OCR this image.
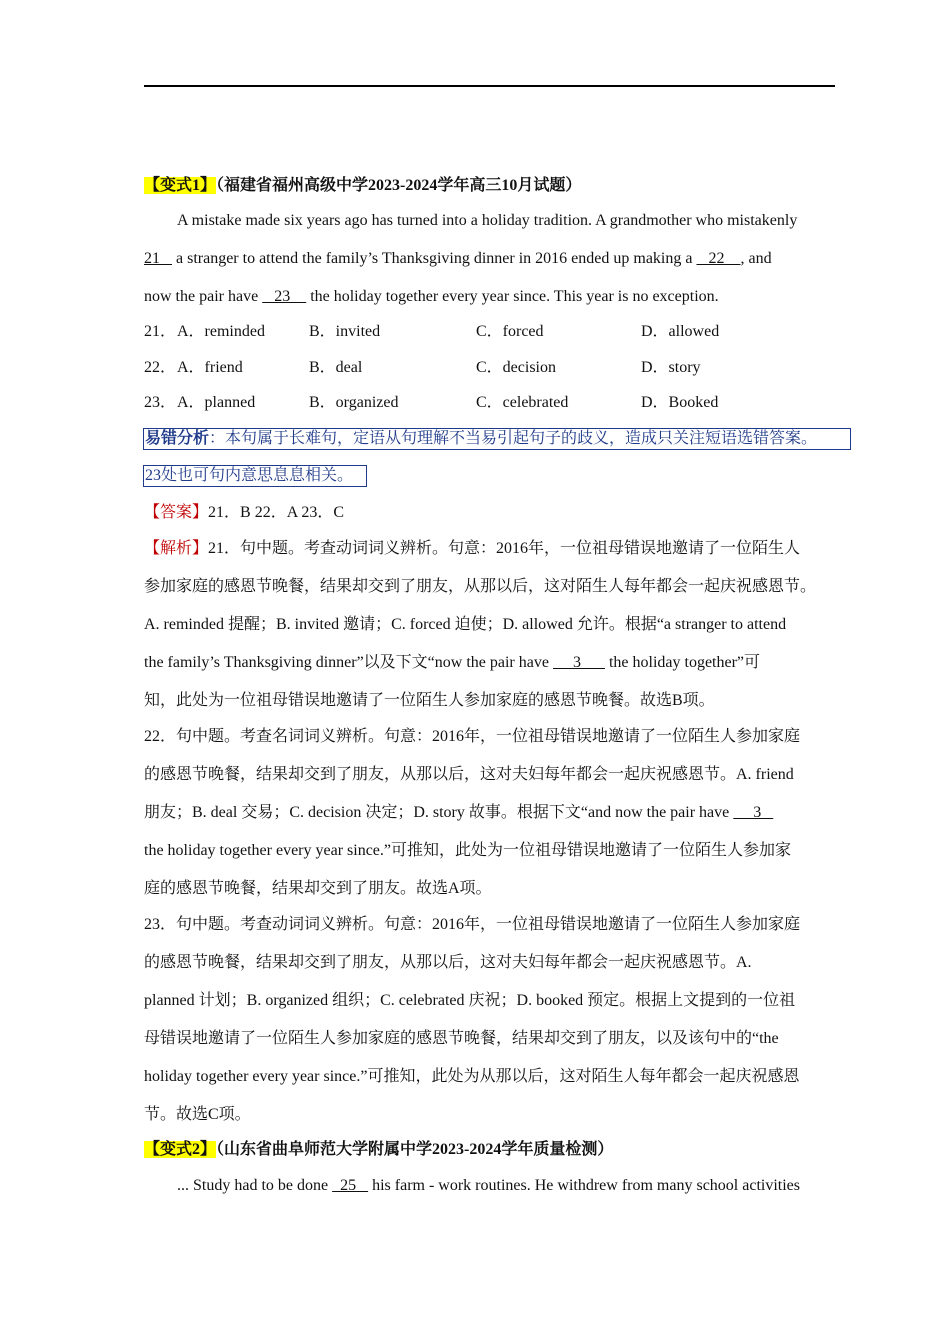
【变式1】（福建省福州高级中学2023-2024学年高三10月试题）
A mistake made six years ago has turned into a holiday tradition. A grandmother who mistakenly
21    a stranger to attend the family’s Thanksgiving dinner in 2016 ended up making a    22    , and
now the pair have    23     the holiday together every year since. This year is no exception.
21． A．reminded	B．invited	C．forced	D．allowed
22． A．friend	B．deal	C．decision	D．story
23． A．planned	B．organized	C．celebrated	D．Booked
易错分析：本句属于长难句，定语从句理解不当易引起句子的歧义，造成只关注短语选错答案。
23处也可句内意思息息相关。
【答案】21．B 22．A 23．C
【解析】21．句中题。考查动词词义辨析。句意：2016年，一位祖母错误地邀请了一位陌生人
参加家庭的感恩节晚餐，结果却交到了朋友，从那以后，这对陌生人每年都会一起庆祝感恩节。
A. reminded 提醒；B. invited 邀请；C. forced 迫使；D. allowed 允许。根据“a stranger to attend
the family’s Thanksgiving dinner”以及下文“now the pair have      3       the holiday together”可
知，此处为一位祖母错误地邀请了一位陌生人参加家庭的感恩节晚餐。故选B项。
22．句中题。考查名词词义辨析。句意：2016年，一位祖母错误地邀请了一位陌生人参加家庭
的感恩节晚餐，结果却交到了朋友，从那以后，这对夫妇每年都会一起庆祝感恩节。A. friend
朋友；B. deal 交易；C. decision 决定；D. story 故事。根据下文“and now the pair have      3
the holiday together every year since.”可推知，此处为一位祖母错误地邀请了一位陌生人参加家
庭的感恩节晚餐，结果却交到了朋友。故选A项。
23．句中题。考查动词词义辨析。句意：2016年，一位祖母错误地邀请了一位陌生人参加家庭
的感恩节晚餐，结果却交到了朋友，从那以后，这对夫妇每年都会一起庆祝感恩节。A.
planned 计划；B. organized 组织；C. celebrated 庆祝；D. booked 预定。根据上文提到的一位祖
母错误地邀请了一位陌生人参加家庭的感恩节晚餐，结果却交到了朋友，以及该句中的“the
holiday together every year since.”可推知，此处为从那以后，这对陌生人每年都会一起庆祝感恩
节。故选C项。
【变式2】（山东省曲阜师范大学附属中学2023-2024学年质量检测）
... Study had to be done   25    his farm - work routines. He withdrew from many school activities
